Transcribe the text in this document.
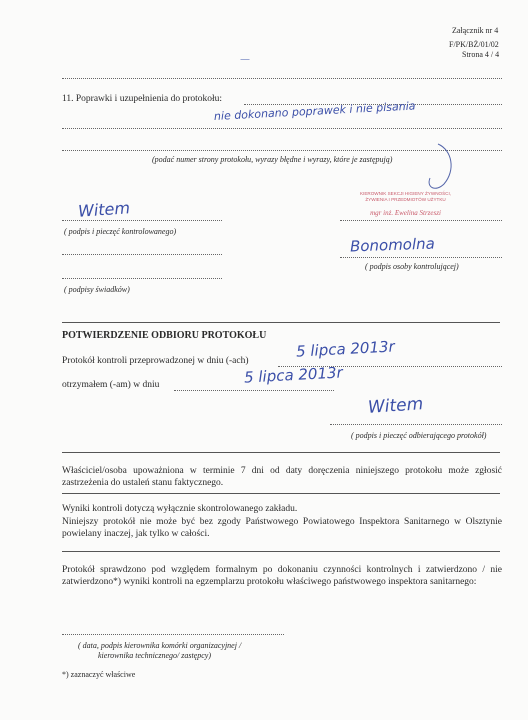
Załącznik nr 4
F/PK/BŻ/01/02
Strona 4 / 4
—
11. Poprawki i uzupełnienia do protokołu:
nie dokonano poprawek i nie pisania
(podać numer strony protokołu, wyrazy błędne i wyrazy, które je zastępują)
Witem
( podpis i pieczęć kontrolowanego)
KIEROWNIK SEKCJI HIGIENY ŻYWNOŚCI,
ŻYWIENIA I PRZEDMIOTÓW UŻYTKU
mgr inż. Ewelina Strzeszi
Bonomolna
( podpis osoby kontrolującej)
( podpisy świadków)
POTWIERDZENIE ODBIORU PROTOKOŁU
Protokół kontroli przeprowadzonej w dniu (-ach)
5 lipca 2013r
otrzymałem (-am) w dniu	5 lipca 2013r
Witem
( podpis i pieczęć odbierającego protokół)
Właściciel/osoba upoważniona w terminie 7 dni od daty doręczenia niniejszego protokołu może zgłosić zastrzeżenia do ustaleń stanu faktycznego.
Wyniki kontroli dotyczą wyłącznie skontrolowanego zakładu.
Niniejszy protokół nie może być bez zgody Państwowego Powiatowego Inspektora Sanitarnego w Olsztynie powielany inaczej, jak tylko w całości.
Protokół sprawdzono pod względem formalnym po dokonaniu czynności kontrolnych i zatwierdzono / nie zatwierdzono*) wyniki kontroli na egzemplarzu protokołu właściwego państwowego inspektora sanitarnego:
( data, podpis kierownika komórki organizacyjnej /
kierownika technicznego/ zastępcy)
*) zaznaczyć właściwe
